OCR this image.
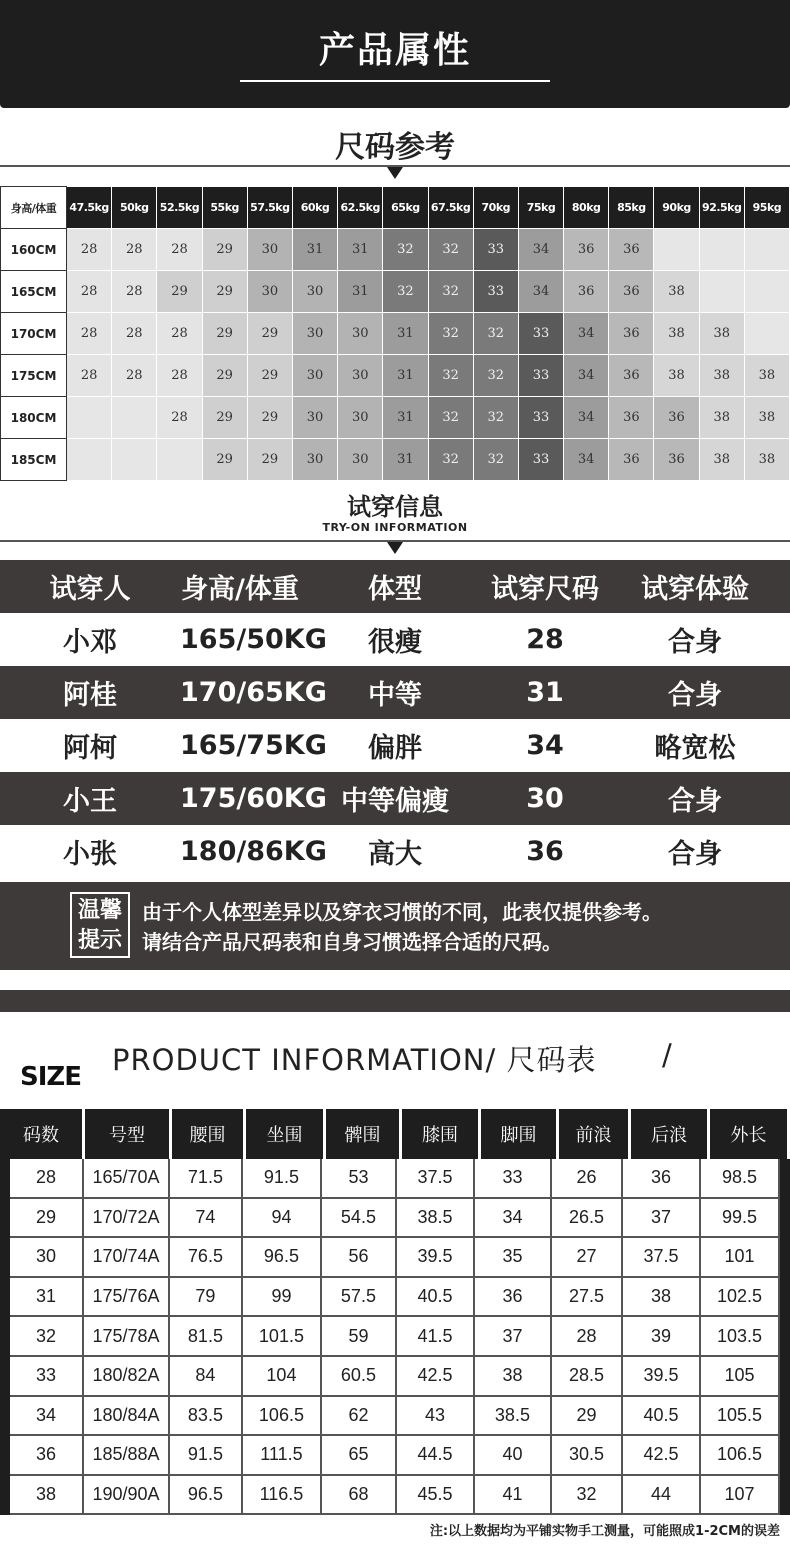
产品属性
尺码参考
身高/体重	47.5kg	50kg	52.5kg	55kg	57.5kg	60kg	62.5kg	65kg	67.5kg	70kg	75kg	80kg	85kg	90kg	92.5kg	95kg
160CM	28	28	28	29	30	31	31	32	32	33	34	36	36			
165CM	28	28	29	29	30	30	31	32	32	33	34	36	36	38		
170CM	28	28	28	29	29	30	30	31	32	32	33	34	36	38	38	
175CM	28	28	28	29	29	30	30	31	32	32	33	34	36	38	38	38
180CM			28	29	29	30	30	31	32	32	33	34	36	36	38	38
185CM				29	29	30	30	31	32	32	33	34	36	36	38	38
试穿信息
TRY-ON INFORMATION
试穿人	身高/体重	体型	试穿尺码	试穿体验
小邓	165/50KG	很瘦	28	合身
阿桂	170/65KG	中等	31	合身
阿柯	165/75KG	偏胖	34	略宽松
小王	175/60KG 中等偏瘦	30	合身
小张	180/86KG	高大	36	合身
温馨
提示
由于个人体型差异以及穿衣习惯的不同，此表仅提供参考。
请结合产品尺码表和自身习惯选择合适的尺码。
SIZE PRODUCT INFORMATION/ 尺码表 /
码数	号型	腰围	坐围	髀围	膝围	脚围	前浪	后浪	外长
28	165/70A	71.5	91.5	53	37.5	33	26	36	98.5
29	170/72A	74	94	54.5	38.5	34	26.5	37	99.5
30	170/74A	76.5	96.5	56	39.5	35	27	37.5	101
31	175/76A	79	99	57.5	40.5	36	27.5	38	102.5
32	175/78A	81.5	101.5	59	41.5	37	28	39	103.5
33	180/82A	84	104	60.5	42.5	38	28.5	39.5	105
34	180/84A	83.5	106.5	62	43	38.5	29	40.5	105.5
36	185/88A	91.5	111.5	65	44.5	40	30.5	42.5	106.5
38	190/90A	96.5	116.5	68	45.5	41	32	44	107
注:以上数据均为平铺实物手工测量，可能照成1-2CM的误差
